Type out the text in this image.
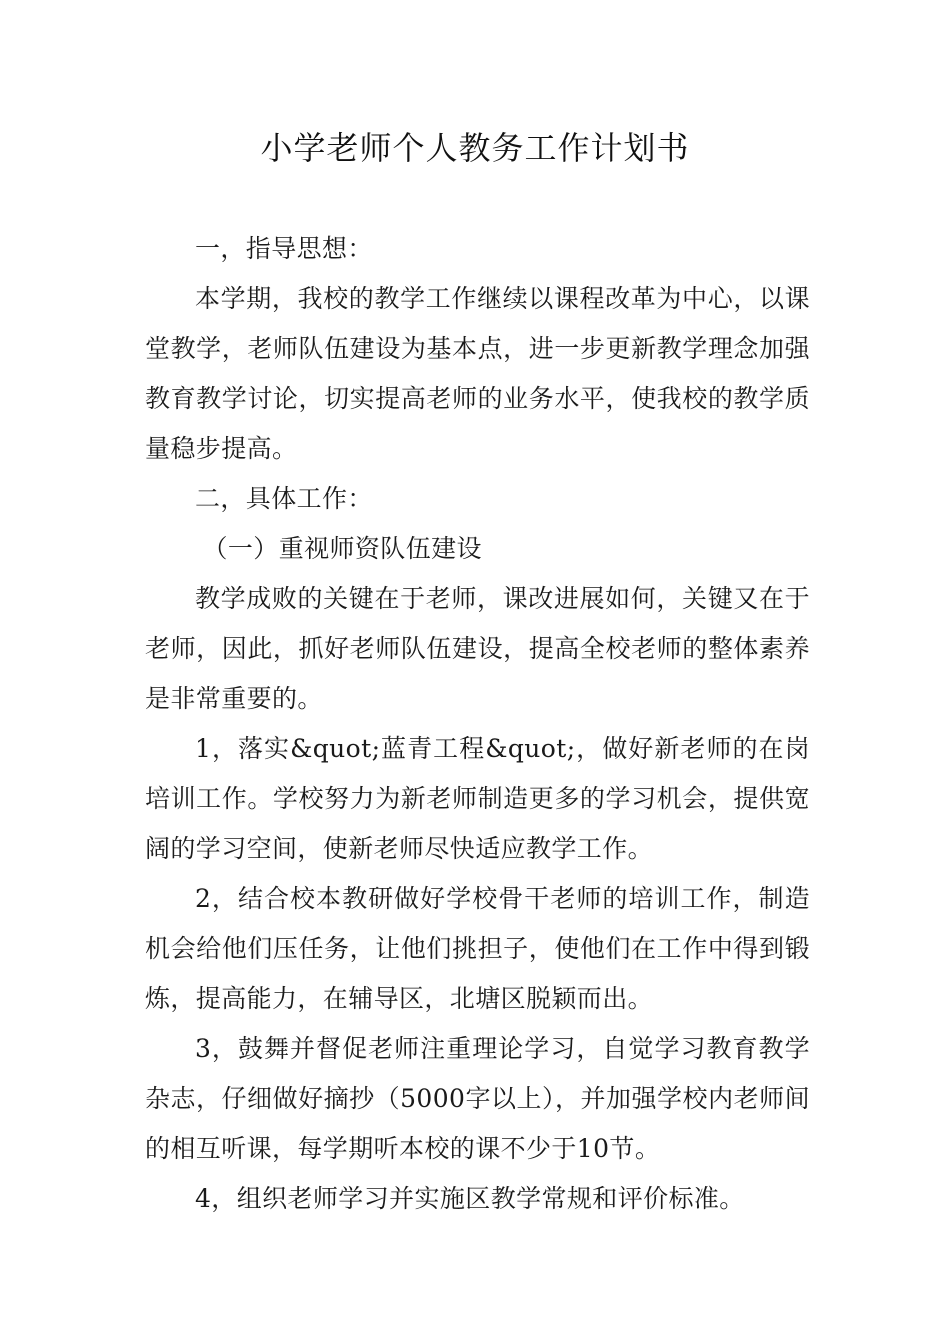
小学老师个人教务工作计划书

一，指导思想：

本学期，我校的教学工作继续以课程改革为中心，以课堂教学，老师队伍建设为基本点，进一步更新教学理念加强教育教学讨论，切实提高老师的业务水平，使我校的教学质量稳步提高。

二，具体工作：

（一）重视师资队伍建设

教学成败的关键在于老师，课改进展如何，关键又在于老师，因此，抓好老师队伍建设，提高全校老师的整体素养是非常重要的。

1，落实&quot;蓝青工程&quot;，做好新老师的在岗培训工作。学校努力为新老师制造更多的学习机会，提供宽阔的学习空间，使新老师尽快适应教学工作。

2，结合校本教研做好学校骨干老师的培训工作，制造机会给他们压任务，让他们挑担子，使他们在工作中得到锻炼，提高能力，在辅导区，北塘区脱颖而出。

3，鼓舞并督促老师注重理论学习，自觉学习教育教学杂志，仔细做好摘抄（5000字以上），并加强学校内老师间的相互听课，每学期听本校的课不少于10节。

4，组织老师学习并实施区教学常规和评价标准。
